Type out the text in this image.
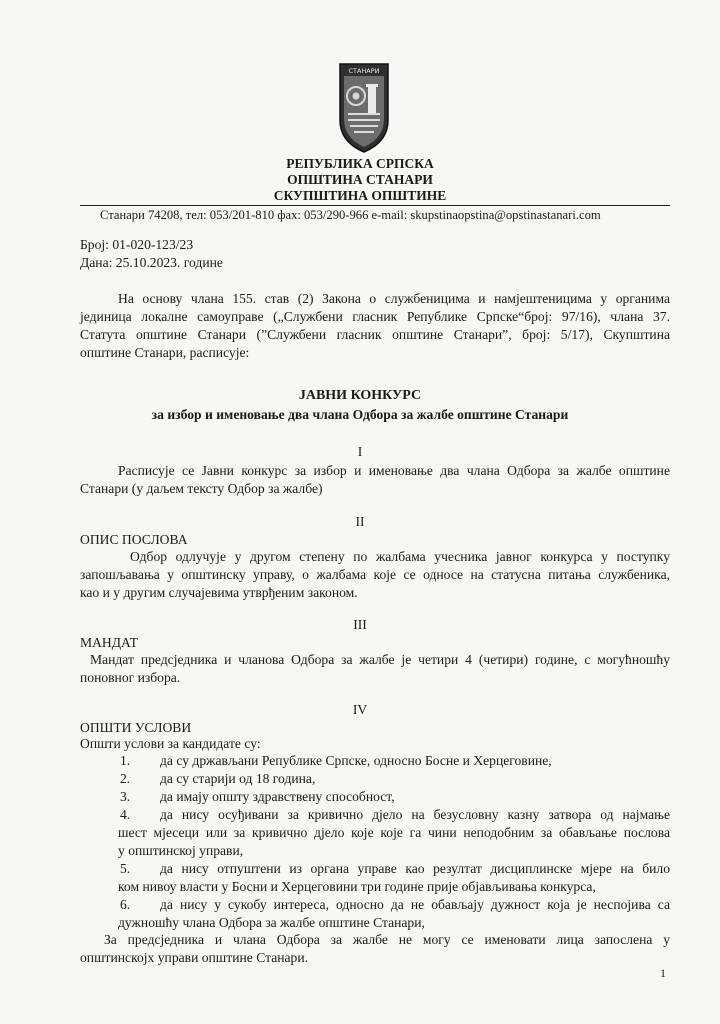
СТАНАРИ
РЕПУБЛИКА СРПСКА
ОПШТИНА СТАНАРИ
СКУПШТИНА ОПШТИНЕ
Станари 74208, тел: 053/201-810 фах: 053/290-966 e-mail: skupstinaopstina@opstinastanari.com
Број: 01-020-123/23
Дана: 25.10.2023. године
На основу члана 155. став (2) Закона о службеницима и намјештеницима у органима
јединица локалне самоуправе („Службени гласник Републике Српске“број: 97/16), члана 37.
Статута општине Станари (”Службени гласник општине Станари”, број: 5/17), Скупштина
општине Станари, расписује:
ЈАВНИ КОНКУРС
за избор и именовање два члана Одбора за жалбе општине Станари
I
Расписује се Јавни конкурс за избор и именовање два члана Одбора за жалбе општине
Станари (у даљем тексту Одбор за жалбе)
II
ОПИС ПОСЛОВА
Одбор одлучује у другом степену по жалбама учесника јавног конкурса у поступку
запошљавања у општинску управу, о жалбама које се односе на статусна питања службеника,
као и у другим случајевима утврђеним законом.
III
МАНДАТ
Мандат предсједника и чланова Одбора за жалбе је четири 4 (четири) године, с могућношћу
поновног избора.
IV
ОПШТИ УСЛОВИ
Општи услови за кандидате су:
1. да су држављани Републике Српске, односно Босне и Херцеговине,
2. да су старији од 18 година,
3. да имају општу здравствену способност,
4. да нису осуђивани за кривично дјело на безусловну казну затвора од најмање
шест мјесеци или за кривично дјело које које га чини неподобним за обављање послова
у општинској управи,
5. да нису отпуштени из органа управе као резултат дисциплинске мјере на било
ком нивоу власти у Босни и Херцеговини три године прије објављивања конкурса,
6. да нису у сукобу интереса, односно да не обављају дужност која је неспојива са
дужношћу члана Одбора за жалбе општине Станари,
За предсједника и члана Одбора за жалбе не могу се именовати лица запослена у
општинскојх управи општине Станари.
1
